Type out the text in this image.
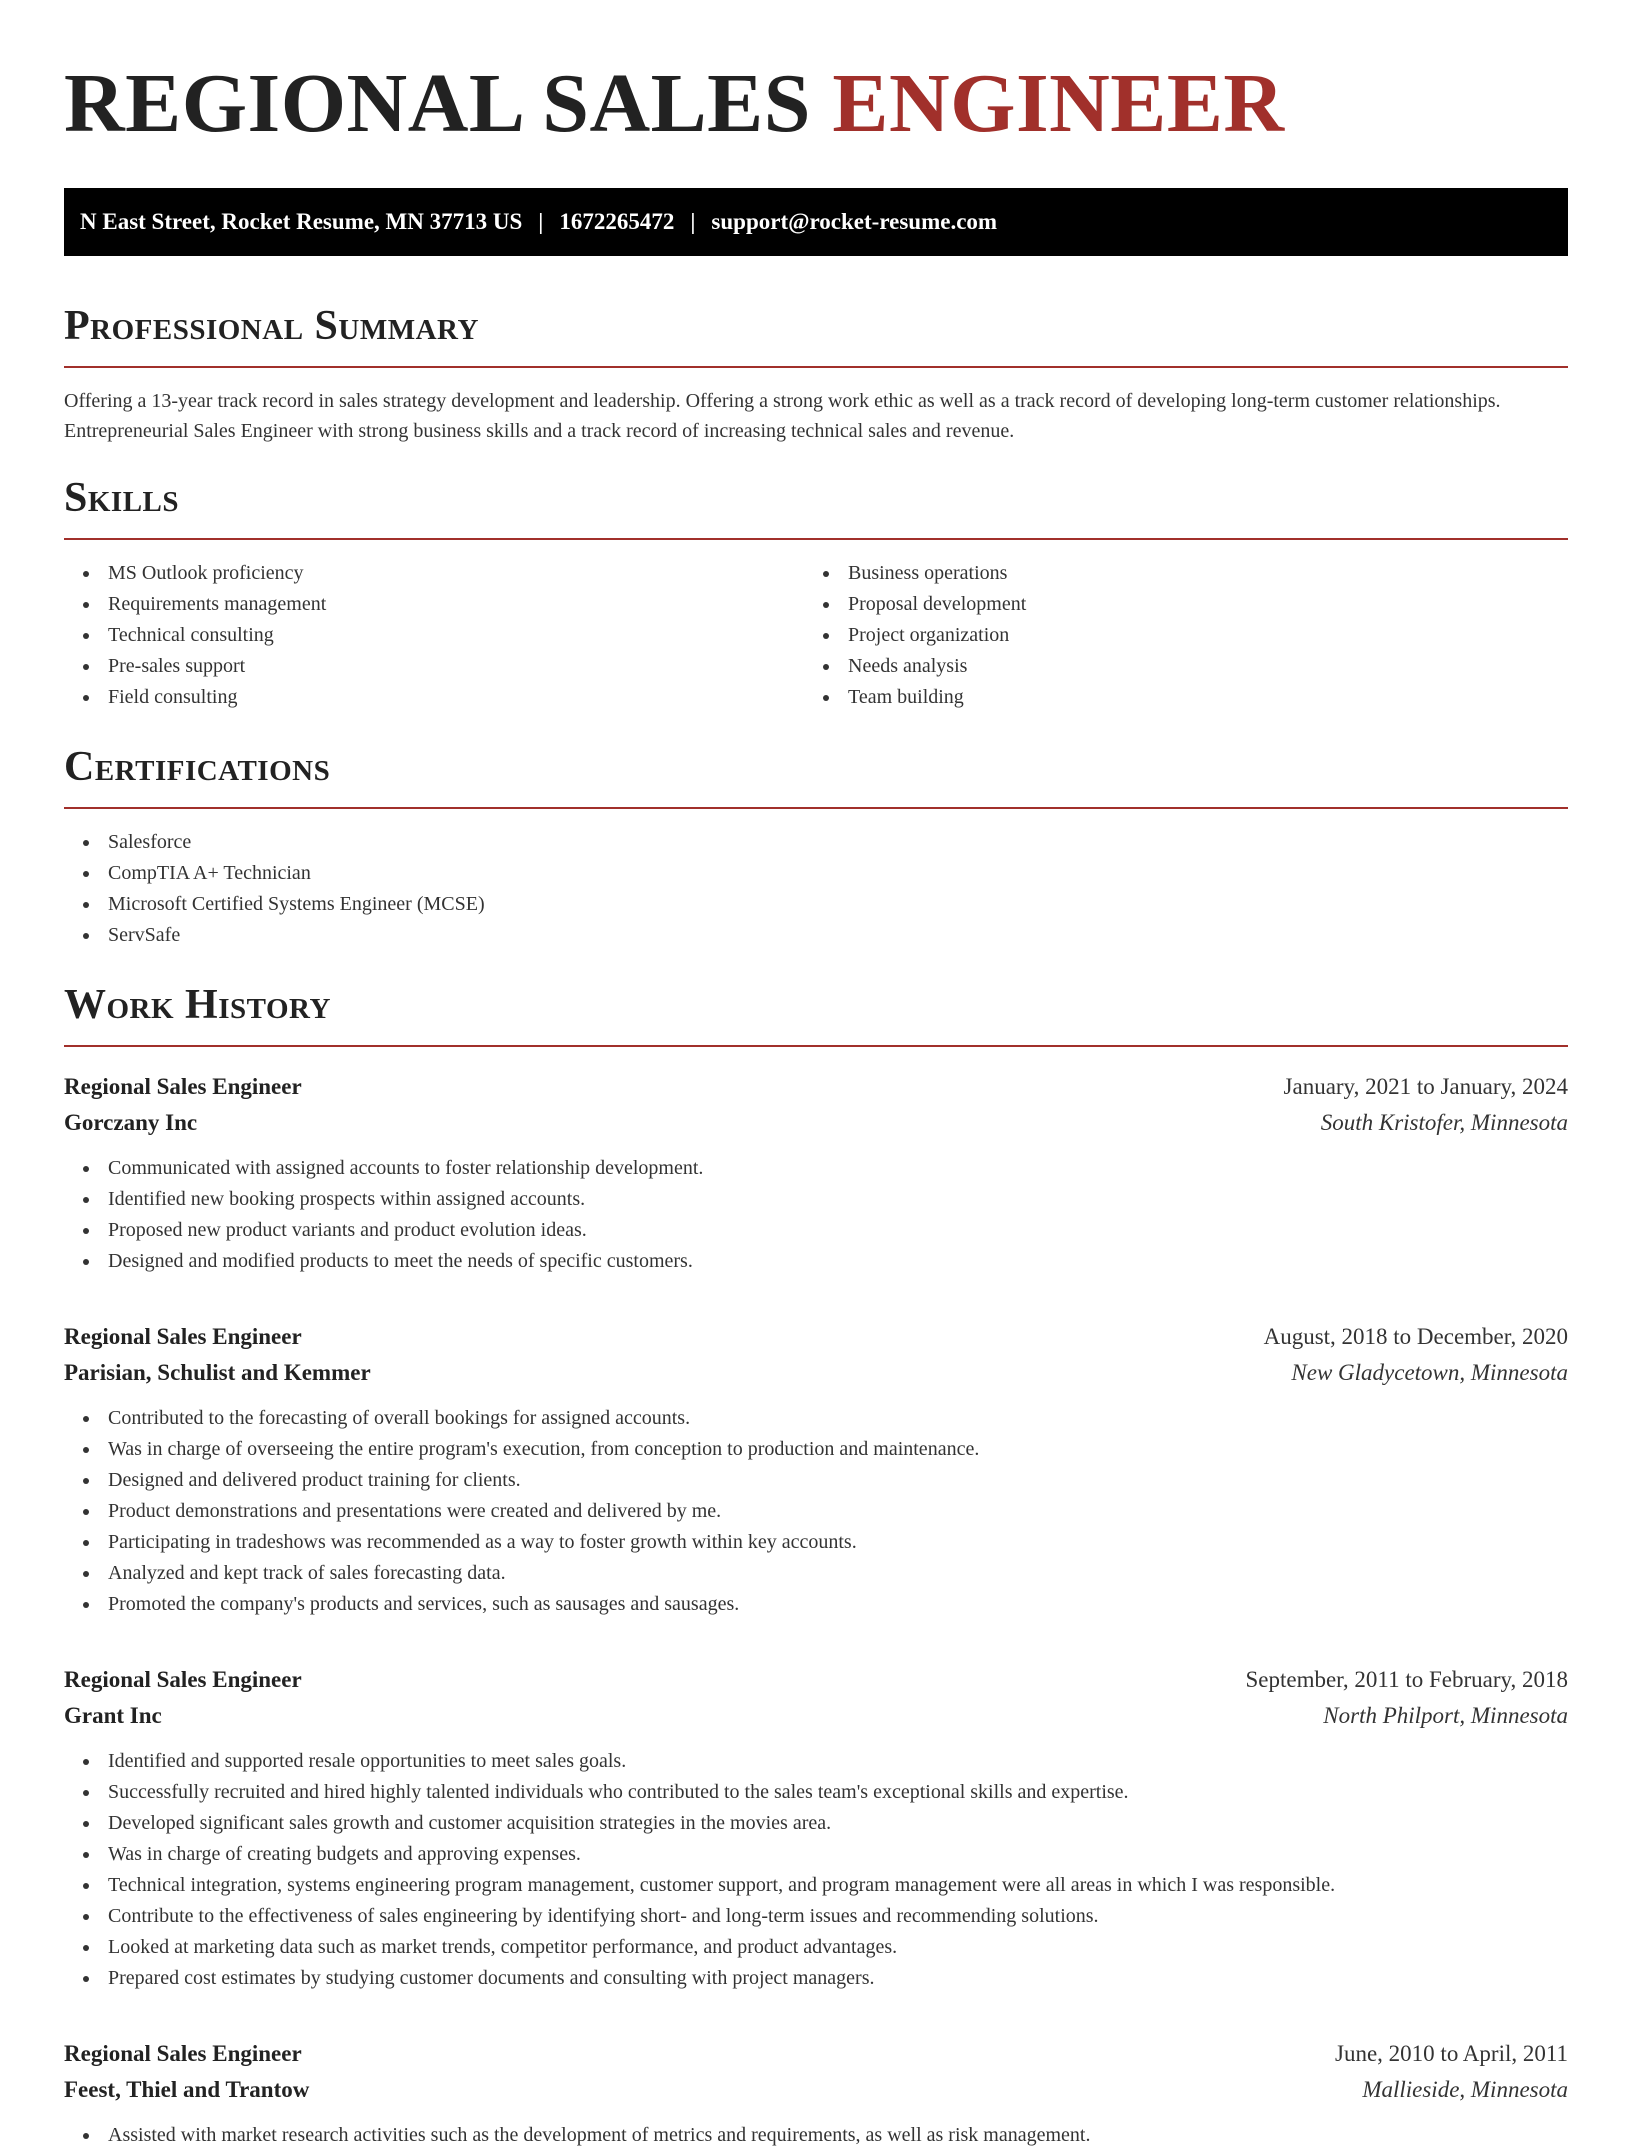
REGIONAL SALES ENGINEER
N East Street, Rocket Resume, MN 37713 US | 1672265472 | support@rocket-resume.com
Professional Summary

Offering a 13-year track record in sales strategy development and leadership. Offering a strong work ethic as well as a track record of developing long-term customer relationships. Entrepreneurial Sales Engineer with strong business skills and a track record of increasing technical sales and revenue.

Skills
MS Outlook proficiency
Requirements management
Technical consulting
Pre-sales support
Field consulting
Business operations
Proposal development
Project organization
Needs analysis
Team building
Certifications
Salesforce
CompTIA A+ Technician
Microsoft Certified Systems Engineer (MCSE)
ServSafe
Work History
Regional Sales Engineer	January, 2021 to January, 2024
Gorczany Inc	South Kristofer, Minnesota
Communicated with assigned accounts to foster relationship development.
Identified new booking prospects within assigned accounts.
Proposed new product variants and product evolution ideas.
Designed and modified products to meet the needs of specific customers.
Regional Sales Engineer	August, 2018 to December, 2020
Parisian, Schulist and Kemmer	New Gladycetown, Minnesota
Contributed to the forecasting of overall bookings for assigned accounts.
Was in charge of overseeing the entire program's execution, from conception to production and maintenance.
Designed and delivered product training for clients.
Product demonstrations and presentations were created and delivered by me.
Participating in tradeshows was recommended as a way to foster growth within key accounts.
Analyzed and kept track of sales forecasting data.
Promoted the company's products and services, such as sausages and sausages.
Regional Sales Engineer	September, 2011 to February, 2018
Grant Inc	North Philport, Minnesota
Identified and supported resale opportunities to meet sales goals.
Successfully recruited and hired highly talented individuals who contributed to the sales team's exceptional skills and expertise.
Developed significant sales growth and customer acquisition strategies in the movies area.
Was in charge of creating budgets and approving expenses.
Technical integration, systems engineering program management, customer support, and program management were all areas in which I was responsible.
Contribute to the effectiveness of sales engineering by identifying short- and long-term issues and recommending solutions.
Looked at marketing data such as market trends, competitor performance, and product advantages.
Prepared cost estimates by studying customer documents and consulting with project managers.
Regional Sales Engineer	June, 2010 to April, 2011
Feest, Thiel and Trantow	Mallieside, Minnesota
Assisted with market research activities such as the development of metrics and requirements, as well as risk management.
